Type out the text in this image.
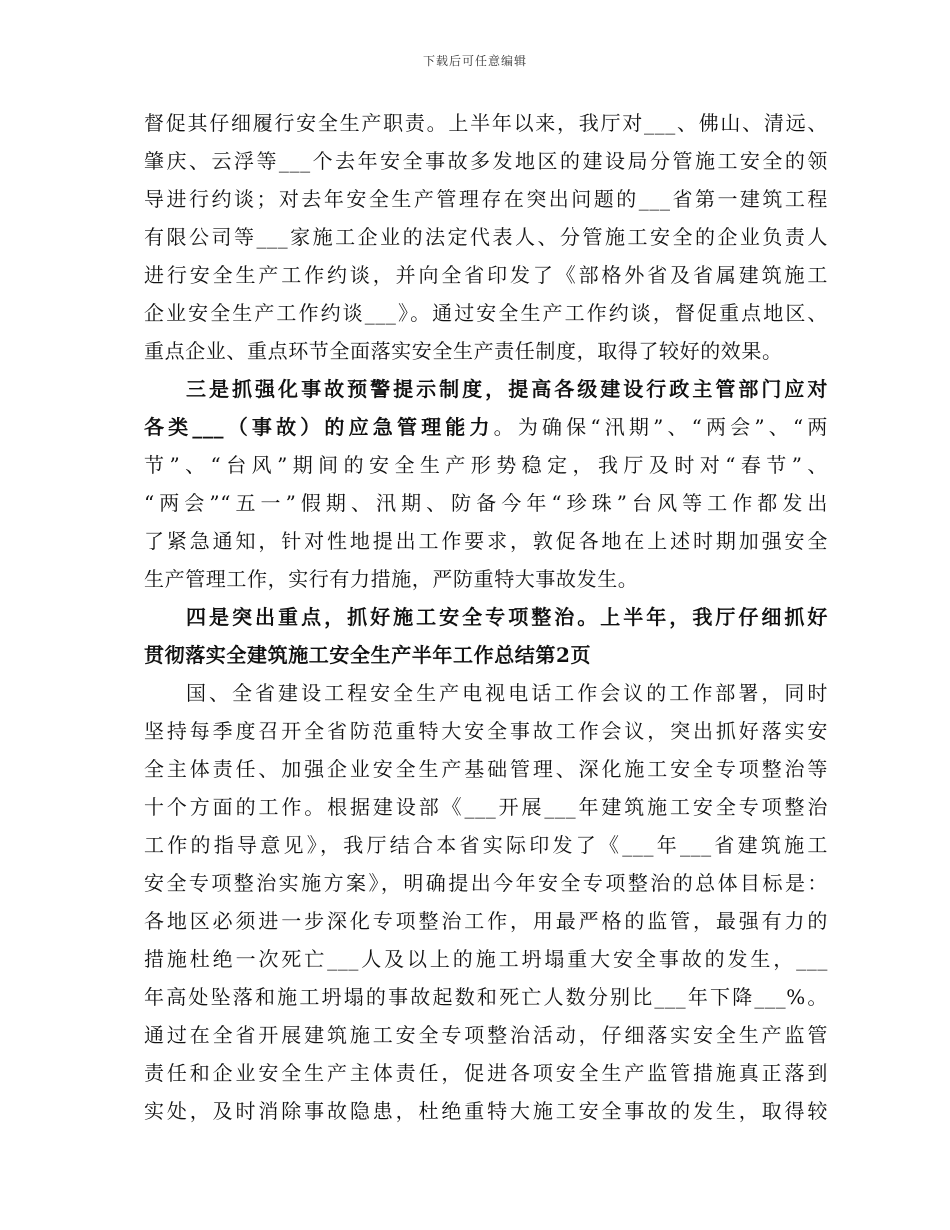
下载后可任意编辑
督促其仔细履行安全生产职责。上半年以来，我厅对___、佛山、清远、
肇庆、云浮等___个去年安全事故多发地区的建设局分管施工安全的领
导进行约谈；对去年安全生产管理存在突出问题的___省第一建筑工程
有限公司等___家施工企业的法定代表人、分管施工安全的企业负责人
进行安全生产工作约谈，并向全省印发了《部格外省及省属建筑施工
企业安全生产工作约谈___》。通过安全生产工作约谈，督促重点地区、
重点企业、重点环节全面落实安全生产责任制度，取得了较好的效果。
三是抓强化事故预警提示制度，提高各级建设行政主管部门应对
各类___（事故）的应急管理能力。为确保“汛期”、“两会”、“两
节”、“台风”期间的安全生产形势稳定，我厅及时对“春节”、
“两会”“五一”假期、汛期、防备今年“珍珠”台风等工作都发出
了紧急通知，针对性地提出工作要求，敦促各地在上述时期加强安全
生产管理工作，实行有力措施，严防重特大事故发生。
四是突出重点，抓好施工安全专项整治。上半年，我厅仔细抓好
贯彻落实全建筑施工安全生产半年工作总结第2页
国、全省建设工程安全生产电视电话工作会议的工作部署，同时
坚持每季度召开全省防范重特大安全事故工作会议，突出抓好落实安
全主体责任、加强企业安全生产基础管理、深化施工安全专项整治等
十个方面的工作。根据建设部《___开展___年建筑施工安全专项整治
工作的指导意见》，我厅结合本省实际印发了《___年___省建筑施工
安全专项整治实施方案》，明确提出今年安全专项整治的总体目标是：
各地区必须进一步深化专项整治工作，用最严格的监管，最强有力的
措施杜绝一次死亡___人及以上的施工坍塌重大安全事故的发生，___
年高处坠落和施工坍塌的事故起数和死亡人数分别比___年下降___%。
通过在全省开展建筑施工安全专项整治活动，仔细落实安全生产监管
责任和企业安全生产主体责任，促进各项安全生产监管措施真正落到
实处，及时消除事故隐患，杜绝重特大施工安全事故的发生，取得较
